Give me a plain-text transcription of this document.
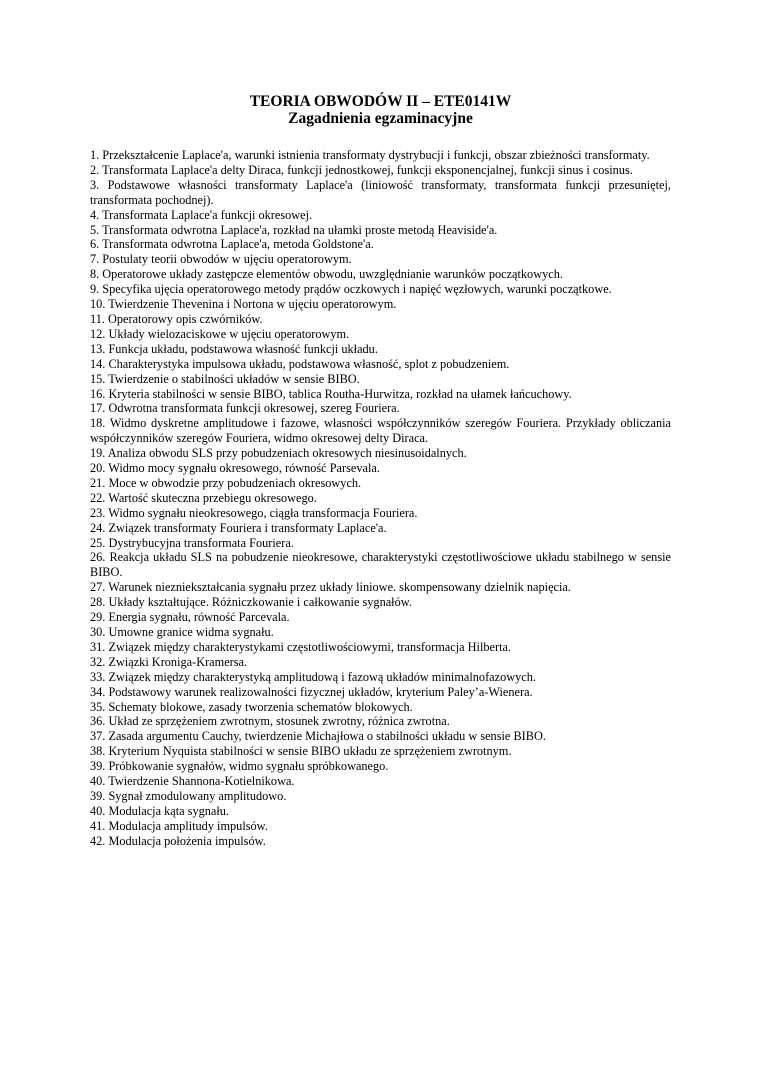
TEORIA OBWODÓW II – ETE0141W
Zagadnienia egzaminacyjne
1. Przekształcenie Laplace'a, warunki istnienia transformaty dystrybucji i funkcji, obszar zbieżności transformaty.
2. Transformata Laplace'a delty Diraca, funkcji jednostkowej, funkcji eksponencjalnej, funkcji sinus i cosinus.
3. Podstawowe własności transformaty Laplace'a (liniowość transformaty, transformata funkcji przesuniętej, transformata pochodnej).
4. Transformata Laplace'a funkcji okresowej.
5. Transformata odwrotna Laplace'a, rozkład na ułamki proste metodą Heaviside'a.
6. Transformata odwrotna Laplace'a, metoda Goldstone'a.
7. Postulaty teorii obwodów w ujęciu operatorowym.
8. Operatorowe układy zastępcze elementów obwodu, uwzględnianie warunków początkowych.
9. Specyfika ujęcia operatorowego metody prądów oczkowych i napięć węzłowych, warunki początkowe.
10. Twierdzenie Thevenina i Nortona w ujęciu operatorowym.
11. Operatorowy opis czwórników.
12. Układy wielozaciskowe w ujęciu operatorowym.
13. Funkcja układu, podstawowa własność funkcji układu.
14. Charakterystyka impulsowa układu, podstawowa własność, splot z pobudzeniem.
15. Twierdzenie o stabilności układów w sensie BIBO.
16. Kryteria stabilności w sensie BIBO, tablica Routha-Hurwitza, rozkład na ułamek łańcuchowy.
17. Odwrotna transformata funkcji okresowej, szereg Fouriera.
18. Widmo dyskretne amplitudowe i fazowe, własności współczynników szeregów Fouriera. Przykłady obliczania współczynników szeregów Fouriera, widmo okresowej delty Diraca.
19. Analiza obwodu SLS przy pobudzeniach okresowych niesinusoidalnych.
20. Widmo mocy sygnału okresowego, równość Parsevala.
21. Moce w obwodzie przy pobudzeniach okresowych.
22. Wartość skuteczna przebiegu okresowego.
23. Widmo sygnału nieokresowego, ciągła transformacja Fouriera.
24. Związek transformaty Fouriera i transformaty Laplace'a.
25. Dystrybucyjna transformata Fouriera.
26. Reakcja układu SLS na pobudzenie nieokresowe, charakterystyki częstotliwościowe układu stabilnego w sensie BIBO.
27. Warunek niezniekształcania sygnału przez układy liniowe. skompensowany dzielnik napięcia.
28. Układy kształtujące. Różniczkowanie i całkowanie sygnałów.
29. Energia sygnału, równość Parcevala.
30. Umowne granice widma sygnału.
31. Związek między charakterystykami częstotliwościowymi, transformacja Hilberta.
32. Związki Kroniga-Kramersa.
33. Związek między charakterystyką amplitudową i fazową układów minimalnofazowych.
34. Podstawowy warunek realizowalności fizycznej układów, kryterium Paley’a-Wienera.
35. Schematy blokowe, zasady tworzenia schematów blokowych.
36. Układ ze sprzężeniem zwrotnym, stosunek zwrotny, różnica zwrotna.
37. Zasada argumentu Cauchy, twierdzenie Michajłowa o stabilności układu w sensie BIBO.
38. Kryterium Nyquista stabilności w sensie BIBO układu ze sprzężeniem zwrotnym.
39. Próbkowanie sygnałów, widmo sygnału spróbkowanego.
40. Twierdzenie Shannona-Kotielnikowa.
39. Sygnał zmodulowany amplitudowo.
40. Modulacja kąta sygnału.
41. Modulacja amplitudy impulsów.
42. Modulacja położenia impulsów.
